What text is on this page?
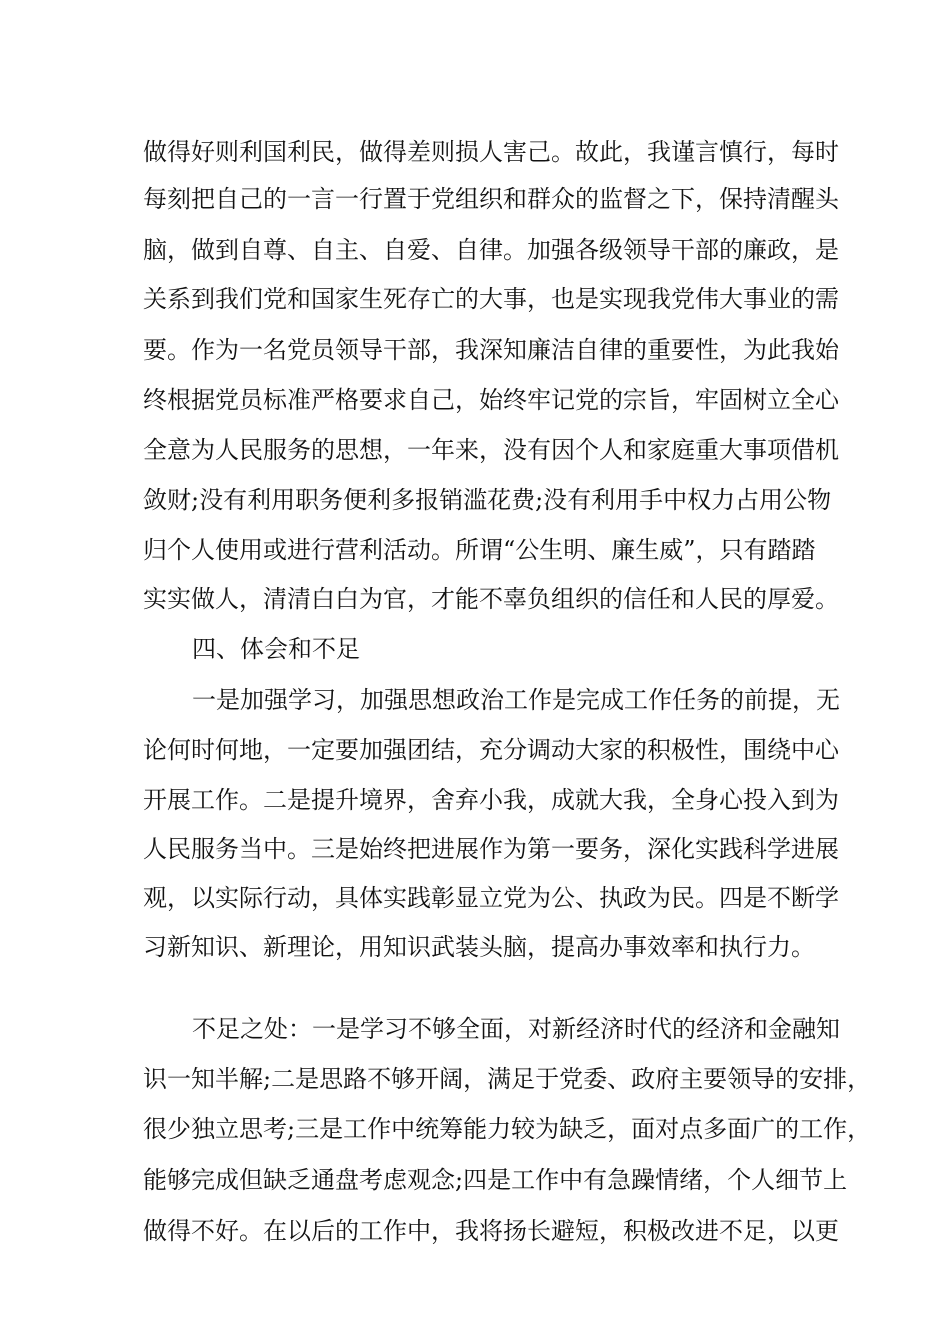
做得好则利国利民，做得差则损人害己。故此，我谨言慎行，每时
每刻把自己的一言一行置于党组织和群众的监督之下，保持清醒头
脑，做到自尊、自主、自爱、自律。加强各级领导干部的廉政，是
关系到我们党和国家生死存亡的大事，也是实现我党伟大事业的需
要。作为一名党员领导干部，我深知廉洁自律的重要性，为此我始
终根据党员标准严格要求自己，始终牢记党的宗旨，牢固树立全心
全意为人民服务的思想，一年来，没有因个人和家庭重大事项借机
敛财;没有利用职务便利多报销滥花费;没有利用手中权力占用公物
归个人使用或进行营利活动。所谓“公生明、廉生威”，只有踏踏
实实做人，清清白白为官，才能不辜负组织的信任和人民的厚爱。
四、体会和不足
一是加强学习，加强思想政治工作是完成工作任务的前提，无
论何时何地，一定要加强团结，充分调动大家的积极性，围绕中心
开展工作。二是提升境界，舍弃小我，成就大我，全身心投入到为
人民服务当中。三是始终把进展作为第一要务，深化实践科学进展
观，以实际行动，具体实践彰显立党为公、执政为民。四是不断学
习新知识、新理论，用知识武装头脑，提高办事效率和执行力。
不足之处：一是学习不够全面，对新经济时代的经济和金融知
识一知半解;二是思路不够开阔，满足于党委、政府主要领导的安排，
很少独立思考;三是工作中统筹能力较为缺乏，面对点多面广的工作，
能够完成但缺乏通盘考虑观念;四是工作中有急躁情绪，个人细节上
做得不好。在以后的工作中，我将扬长避短，积极改进不足，以更
